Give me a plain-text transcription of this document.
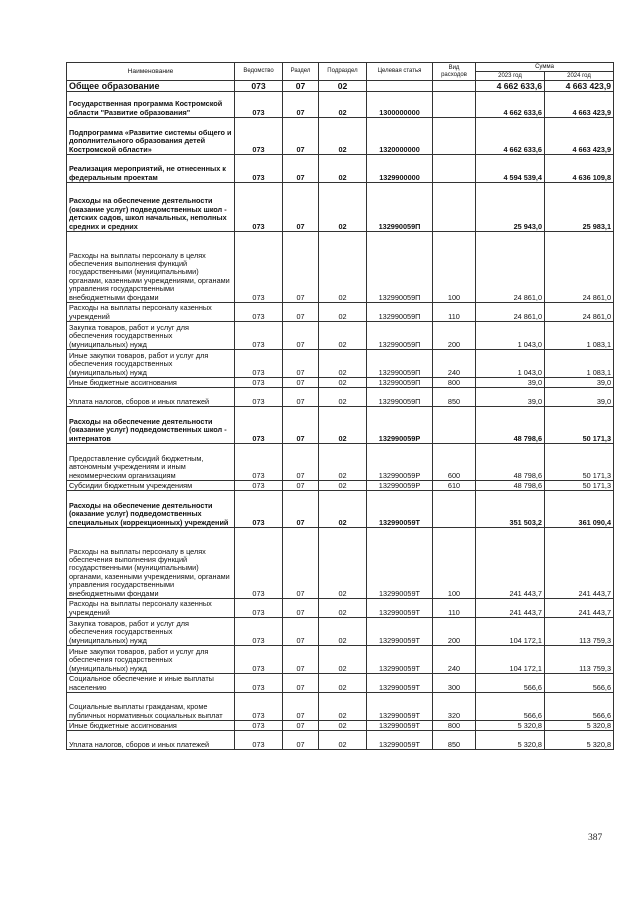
Наименование	Ведомство	Раздел	Подраздел	Целевая статья	Вид расходов	Сумма	
						2023 год	2024 год
Общее образование	073	07	02			4 662 633,6	4 663 423,9
Государственная программа Костромской области "Развитие образования"	073	07	02	1300000000		4 662 633,6	4 663 423,9
Подпрограмма «Развитие системы общего и дополнительного образования детей Костромской области»	073	07	02	1320000000		4 662 633,6	4 663 423,9
Реализация мероприятий, не отнесенных к федеральным проектам	073	07	02	1329900000		4 594 539,4	4 636 109,8
Расходы на обеспечение деятельности (оказание услуг) подведомственных школ - детских садов, школ начальных, неполных средних и средних	073	07	02	132990059П		25 943,0	25 983,1
Расходы на выплаты персоналу в целях обеспечения выполнения функций государственными (муниципальными) органами, казенными учреждениями, органами управления государственными внебюджетными фондами	073	07	02	132990059П	100	24 861,0	24 861,0
Расходы на выплаты персоналу казенных учреждений	073	07	02	132990059П	110	24 861,0	24 861,0
Закупка товаров, работ и услуг для обеспечения государственных (муниципальных) нужд	073	07	02	132990059П	200	1 043,0	1 083,1
Иные закупки товаров, работ и услуг для обеспечения государственных (муниципальных) нужд	073	07	02	132990059П	240	1 043,0	1 083,1
Иные бюджетные ассигнования	073	07	02	132990059П	800	39,0	39,0
Уплата налогов, сборов и иных платежей	073	07	02	132990059П	850	39,0	39,0
Расходы на обеспечение деятельности (оказание услуг) подведомственных школ - интернатов	073	07	02	132990059Р		48 798,6	50 171,3
Предоставление субсидий бюджетным, автономным учреждениям и иным некоммерческим организациям	073	07	02	132990059Р	600	48 798,6	50 171,3
Субсидии бюджетным учреждениям	073	07	02	132990059Р	610	48 798,6	50 171,3
Расходы на обеспечение деятельности (оказание услуг) подведомственных специальных (коррекционных) учреждений	073	07	02	132990059Т		351 503,2	361 090,4
Расходы на выплаты персоналу в целях обеспечения выполнения функций государственными (муниципальными) органами, казенными учреждениями, органами управления государственными внебюджетными фондами	073	07	02	132990059Т	100	241 443,7	241 443,7
Расходы на выплаты персоналу казенных учреждений	073	07	02	132990059Т	110	241 443,7	241 443,7
Закупка товаров, работ и услуг для обеспечения государственных (муниципальных) нужд	073	07	02	132990059Т	200	104 172,1	113 759,3
Иные закупки товаров, работ и услуг для обеспечения государственных (муниципальных) нужд	073	07	02	132990059Т	240	104 172,1	113 759,3
Социальное обеспечение и иные выплаты населению	073	07	02	132990059Т	300	566,6	566,6
Социальные выплаты гражданам, кроме публичных нормативных социальных выплат	073	07	02	132990059Т	320	566,6	566,6
Иные бюджетные ассигнования	073	07	02	132990059Т	800	5 320,8	5 320,8
Уплата налогов, сборов и иных платежей	073	07	02	132990059Т	850	5 320,8	5 320,8
387
